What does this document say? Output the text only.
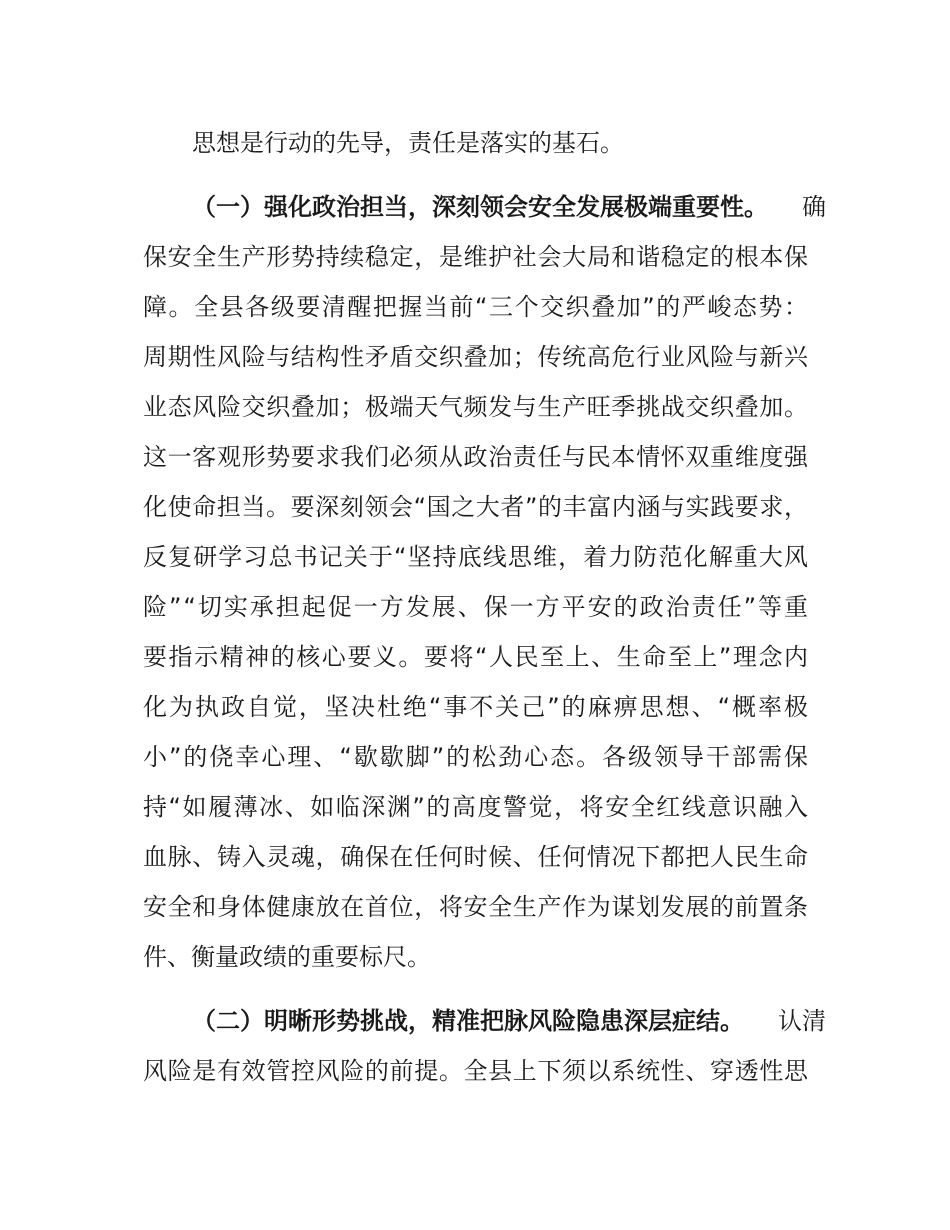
思想是行动的先导，责任是落实的基石。
（一）强化政治担当，深刻领会安全发展极端重要性。 确
保安全生产形势持续稳定，是维护社会大局和谐稳定的根本保
障。全县各级要清醒把握当前“三个交织叠加”的严峻态势：
周期性风险与结构性矛盾交织叠加；传统高危行业风险与新兴
业态风险交织叠加；极端天气频发与生产旺季挑战交织叠加。
这一客观形势要求我们必须从政治责任与民本情怀双重维度强
化使命担当。要深刻领会“国之大者”的丰富内涵与实践要求，
反复研学习总书记关于“坚持底线思维，着力防范化解重大风
险”“切实承担起促一方发展、保一方平安的政治责任”等重
要指示精神的核心要义。要将“人民至上、生命至上”理念内
化为执政自觉，坚决杜绝“事不关己”的麻痹思想、“概率极
小”的侥幸心理、“歇歇脚”的松劲心态。各级领导干部需保
持“如履薄冰、如临深渊”的高度警觉，将安全红线意识融入
血脉、铸入灵魂，确保在任何时候、任何情况下都把人民生命
安全和身体健康放在首位，将安全生产作为谋划发展的前置条
件、衡量政绩的重要标尺。
（二）明晰形势挑战，精准把脉风险隐患深层症结。 认清
风险是有效管控风险的前提。全县上下须以系统性、穿透性思
